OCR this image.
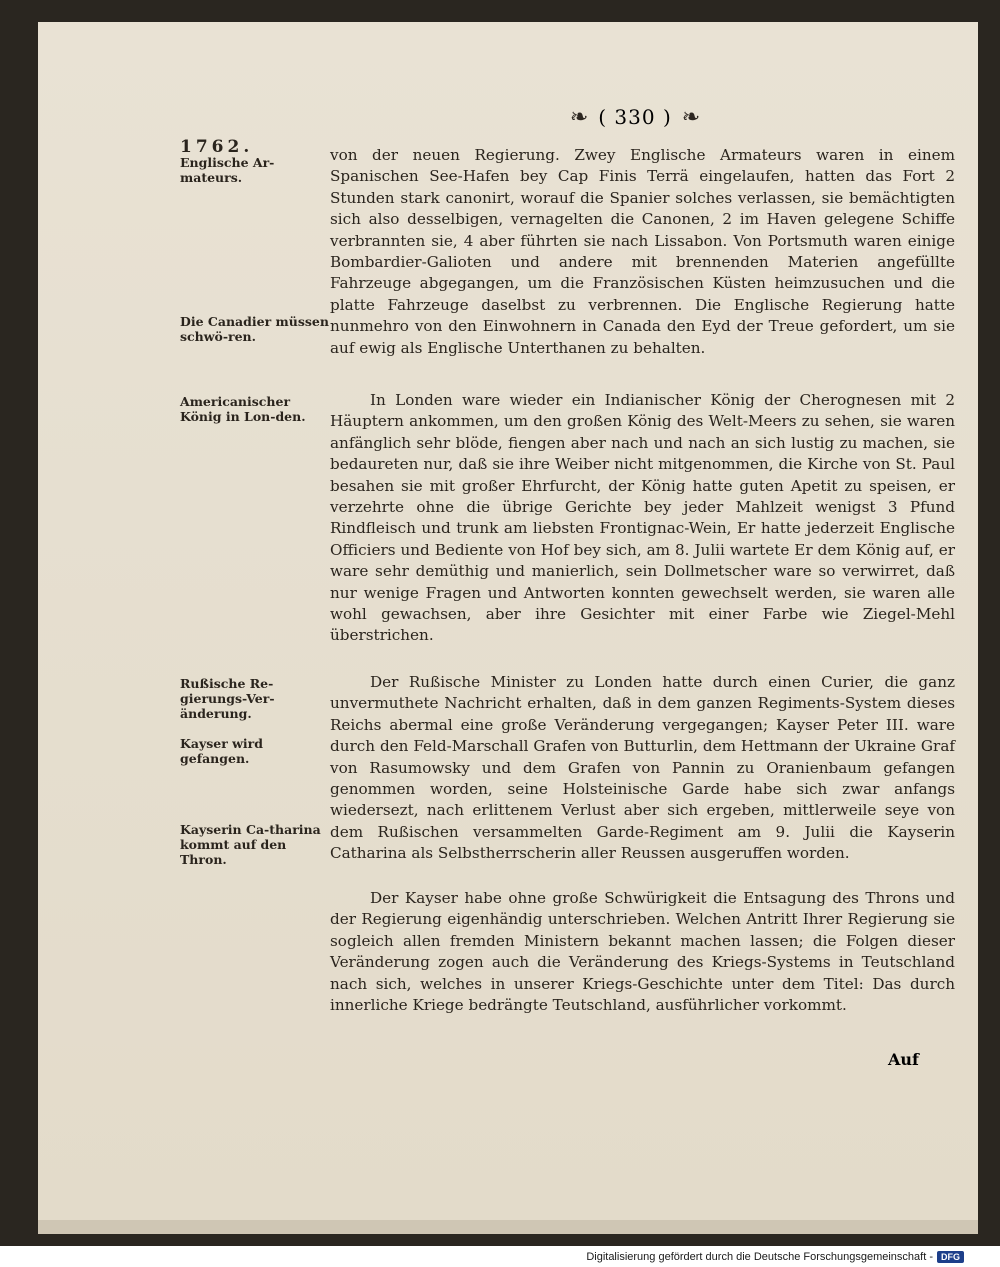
❧ ( 330 ) ❧
1762.
Englische Ar-mateurs.
Die Canadier müssen schwö-ren.
Americanischer König in Lon-den.
Rußische Re-gierungs-Ver-änderung.
Kayser wird gefangen.
Kayserin Ca-tharina kommt auf den Thron.

von der neuen Regierung. Zwey Englische Armateurs waren in einem Spanischen See-Hafen bey Cap Finis Terrä eingelaufen, hatten das Fort 2 Stunden stark canonirt, worauf die Spanier solches verlassen, sie bemächtigten sich also desselbigen, vernagelten die Canonen, 2 im Haven gelegene Schiffe verbrannten sie, 4 aber führten sie nach Lissabon. Von Portsmuth waren einige Bombardier-Galioten und andere mit brennenden Materien angefüllte Fahrzeuge abgegangen, um die Französischen Küsten heimzusuchen und die platte Fahrzeuge daselbst zu verbrennen. Die Englische Regierung hatte nunmehro von den Einwohnern in Canada den Eyd der Treue gefordert, um sie auf ewig als Englische Unterthanen zu behalten.

In Londen ware wieder ein Indianischer König der Cherognesen mit 2 Häuptern ankommen, um den großen König des Welt-Meers zu sehen, sie waren anfänglich sehr blöde, fiengen aber nach und nach an sich lustig zu machen, sie bedaureten nur, daß sie ihre Weiber nicht mitgenommen, die Kirche von St. Paul besahen sie mit großer Ehrfurcht, der König hatte guten Apetit zu speisen, er verzehrte ohne die übrige Gerichte bey jeder Mahlzeit wenigst 3 Pfund Rindfleisch und trunk am liebsten Frontignac-Wein, Er hatte jederzeit Englische Officiers und Bediente von Hof bey sich, am 8. Julii wartete Er dem König auf, er ware sehr demüthig und manierlich, sein Dollmetscher ware so verwirret, daß nur wenige Fragen und Antworten konnten gewechselt werden, sie waren alle wohl gewachsen, aber ihre Gesichter mit einer Farbe wie Ziegel-Mehl überstrichen.

Der Rußische Minister zu Londen hatte durch einen Curier, die ganz unvermuthete Nachricht erhalten, daß in dem ganzen Regiments-System dieses Reichs abermal eine große Veränderung vergegangen; Kayser Peter III. ware durch den Feld-Marschall Grafen von Butturlin, dem Hettmann der Ukraine Graf von Rasumowsky und dem Grafen von Pannin zu Oranienbaum gefangen genommen worden, seine Holsteinische Garde habe sich zwar anfangs wiedersezt, nach erlittenem Verlust aber sich ergeben, mittlerweile seye von dem Rußischen versammelten Garde-Regiment am 9. Julii die Kayserin Catharina als Selbstherrscherin aller Reussen ausgeruffen worden.

Der Kayser habe ohne große Schwürigkeit die Entsagung des Throns und der Regierung eigenhändig unterschrieben. Welchen Antritt Ihrer Regierung sie sogleich allen fremden Ministern bekannt machen lassen; die Folgen dieser Veränderung zogen auch die Veränderung des Kriegs-Systems in Teutschland nach sich, welches in unserer Kriegs-Geschichte unter dem Titel: Das durch innerliche Kriege bedrängte Teutschland, ausführlicher vorkommt.

Auf
Digitalisierung gefördert durch die Deutsche Forschungsgemeinschaft - DFG
